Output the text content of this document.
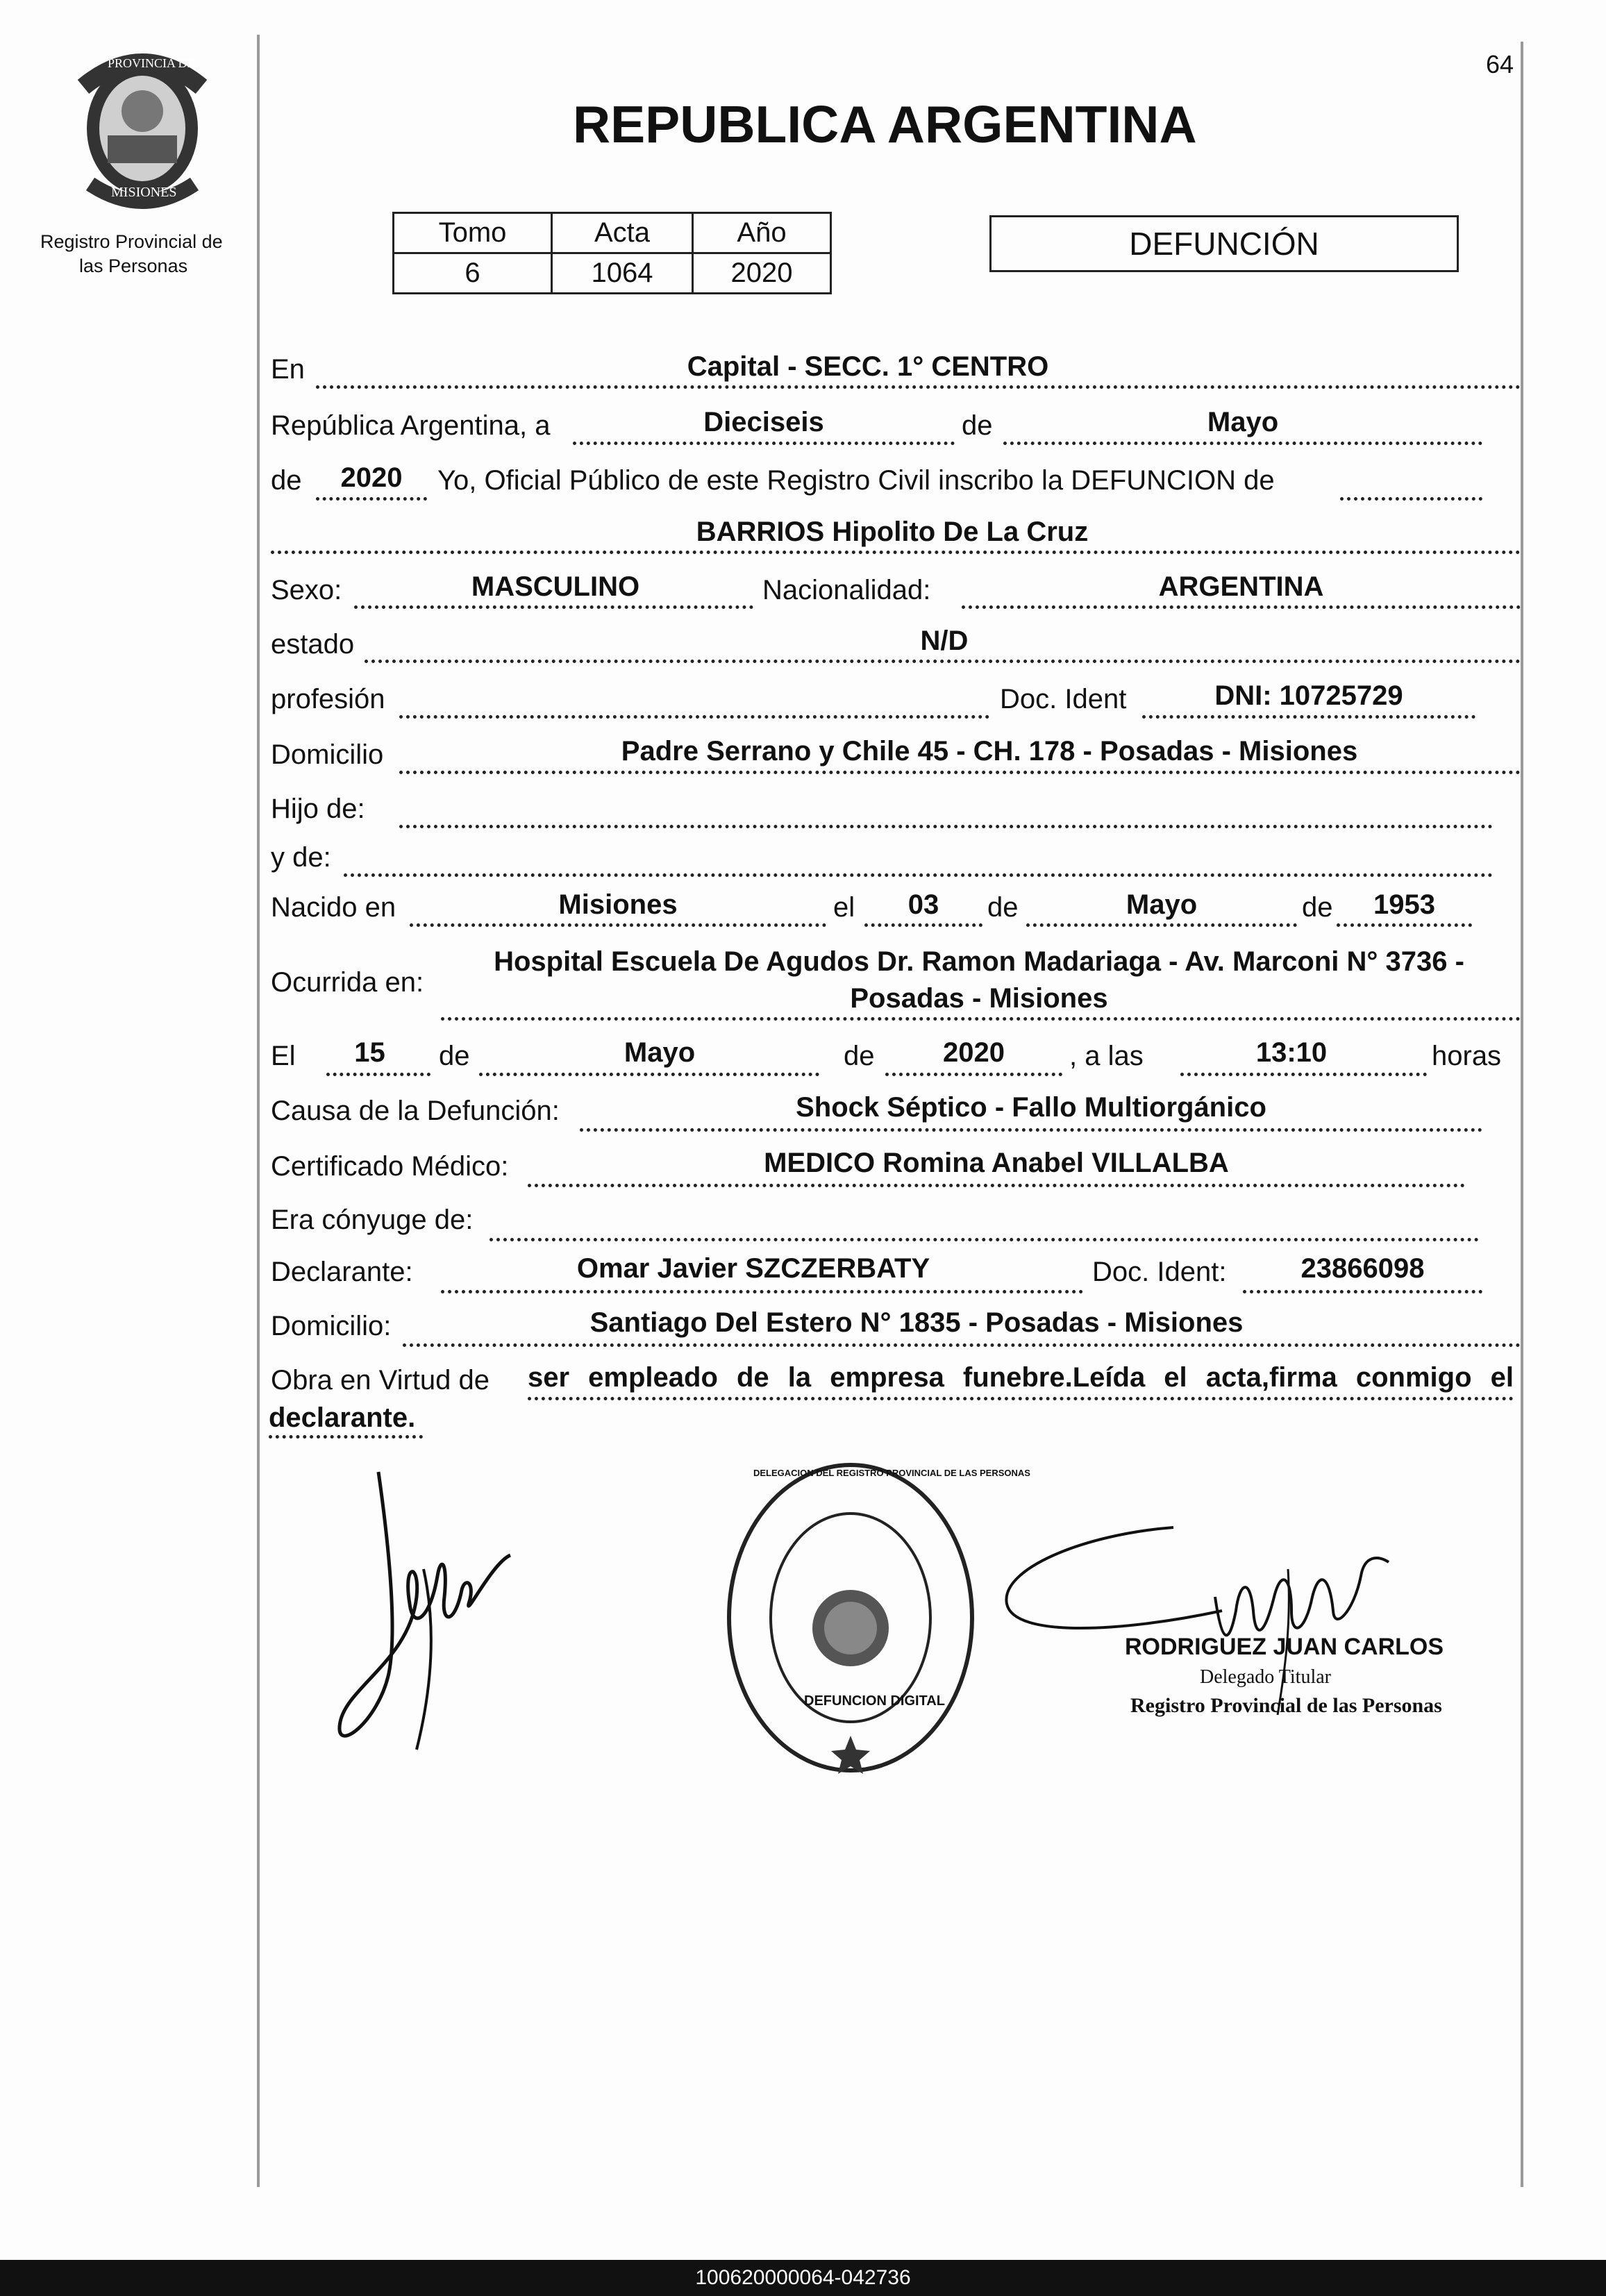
64
PROVINCIA DE
MISIONES
Registro Provincial de
las Personas
REPUBLICA ARGENTINA
Tomo	Acta	Año
6	1064	2020
DEFUNCIÓN
En	Capital - SECC. 1° CENTRO
República Argentina, a	Dieciseis	de	Mayo
de	2020	Yo, Oficial Público de este Registro Civil inscribo la DEFUNCION de
BARRIOS Hipolito De La Cruz
Sexo:	MASCULINO	Nacionalidad:	ARGENTINA
estado	N/D
profesión	Doc. Ident	DNI: 10725729
Domicilio	Padre Serrano y Chile 45 - CH. 178 - Posadas - Misiones
Hijo de:
y de:
Nacido en	Misiones	el	03	de	Mayo	de	1953
Ocurrida en:
Hospital Escuela De Agudos Dr. Ramon Madariaga - Av. Marconi N° 3736 -
Posadas - Misiones
El	15	de	Mayo	de	2020	, a las	13:10	horas
Causa de la Defunción:	Shock Séptico - Fallo Multiorgánico
Certificado Médico:	MEDICO Romina Anabel VILLALBA
Era cónyuge de:
Declarante:	Omar Javier SZCZERBATY	Doc. Ident:	23866098
Domicilio:	Santiago Del Estero N° 1835 - Posadas - Misiones
Obra en Virtud de ser empleado de la empresa funebre.Leída el acta,firma conmigo el
declarante.
DELEGACION DEL REGISTRO PROVINCIAL DE LAS PERSONAS
DEFUNCION DIGITAL
RODRIGUEZ JUAN CARLOS
Delegado Titular
Registro Provincial de las Personas
100620000064-042736
